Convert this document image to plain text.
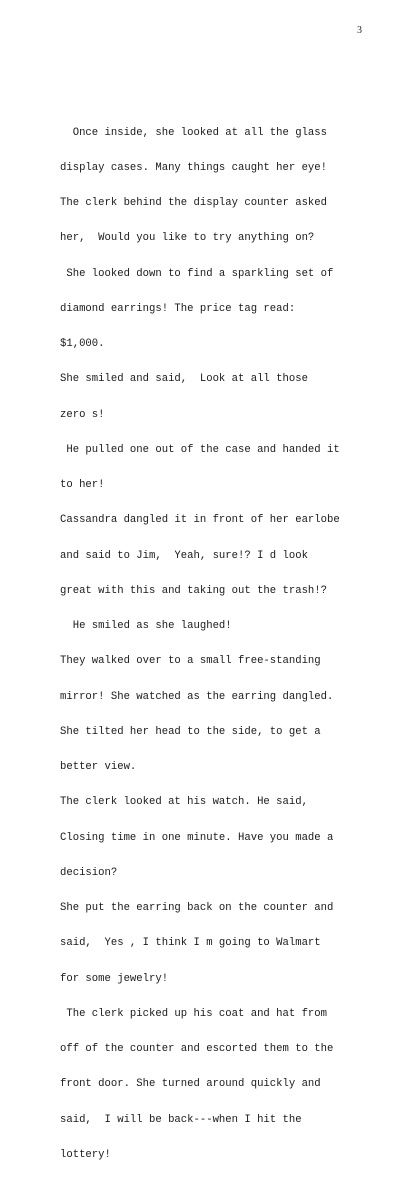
3

Once inside, she looked at all the glass

display cases. Many things caught her eye!

The clerk behind the display counter asked

her,  Would you like to try anything on?

She looked down to find a sparkling set of

diamond earrings! The price tag read:

$1,000.

She smiled and said,  Look at all those

zero s!

He pulled one out of the case and handed it

to her!

Cassandra dangled it in front of her earlobe

and said to Jim,  Yeah, sure!? I d look

great with this and taking out the trash!?

He smiled as she laughed!

They walked over to a small free-standing

mirror! She watched as the earring dangled.

She tilted her head to the side, to get a

better view.

The clerk looked at his watch. He said,

Closing time in one minute. Have you made a

decision?

She put the earring back on the counter and

said,  Yes , I think I m going to Walmart

for some jewelry!

The clerk picked up his coat and hat from

off of the counter and escorted them to the

front door. She turned around quickly and

said,  I will be back---when I hit the

lottery!
